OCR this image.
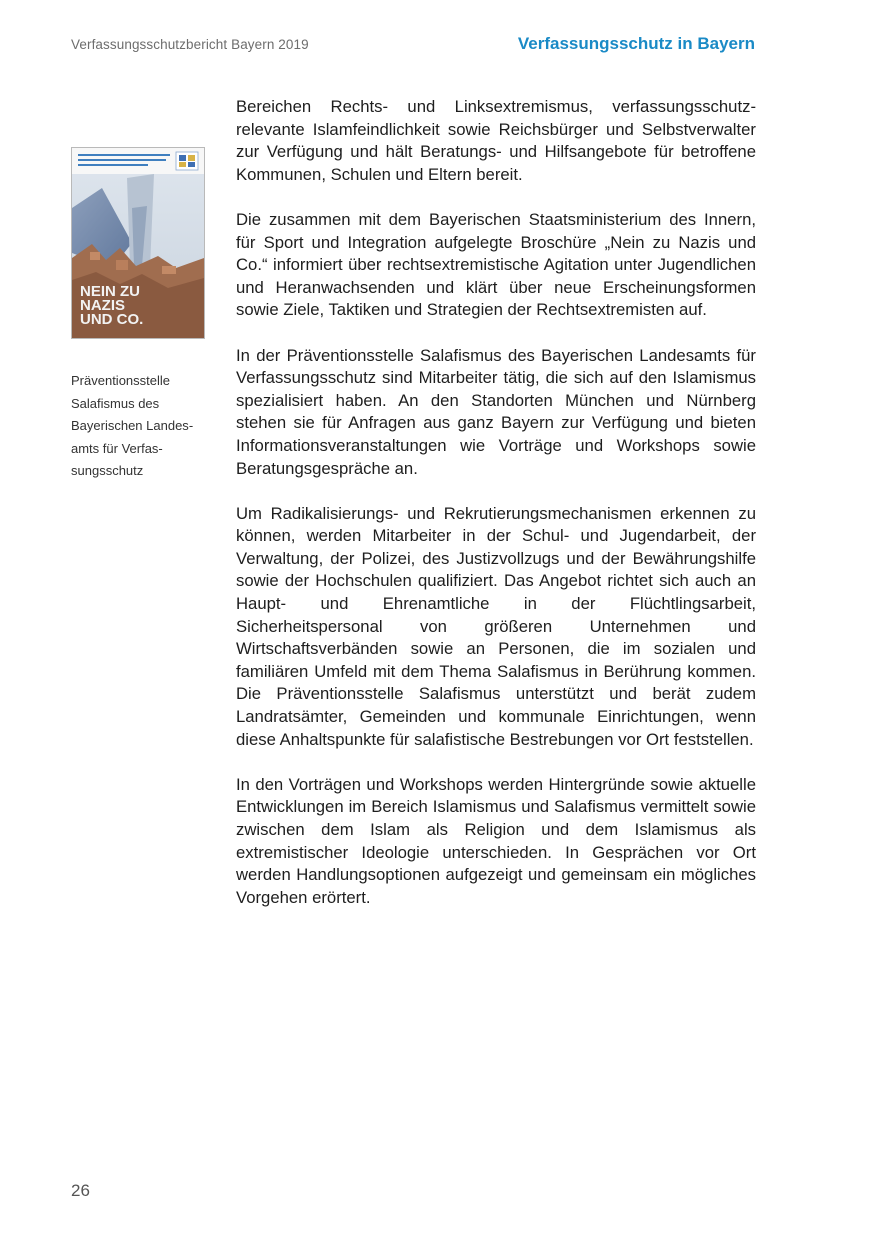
Verfassungsschutzbericht Bayern 2019	Verfassungsschutz in Bayern
NEIN ZU
NAZIS
UND CO.
Präventionsstelle Salafismus des Bayerischen Landesamts für Verfassungsschutz

Bereichen Rechts- und Linksextremismus, verfassungsschutzrelevante Islamfeindlichkeit sowie Reichsbürger und Selbstverwalter zur Verfügung und hält Beratungs- und Hilfsangebote für betroffene Kommunen, Schulen und Eltern bereit.

Die zusammen mit dem Bayerischen Staatsministerium des Innern, für Sport und Integration aufgelegte Broschüre „Nein zu Nazis und Co.“ informiert über rechtsextremistische Agitation unter Jugendlichen und Heranwachsenden und klärt über neue Erscheinungsformen sowie Ziele, Taktiken und Strategien der Rechtsextremisten auf.

In der Präventionsstelle Salafismus des Bayerischen Landesamts für Verfassungsschutz sind Mitarbeiter tätig, die sich auf den Islamismus spezialisiert haben. An den Standorten München und Nürnberg stehen sie für Anfragen aus ganz Bayern zur Verfügung und bieten Informationsveranstaltungen wie Vorträge und Workshops sowie Beratungsgespräche an.

Um Radikalisierungs- und Rekrutierungsmechanismen erkennen zu können, werden Mitarbeiter in der Schul- und Jugendarbeit, der Verwaltung, der Polizei, des Justizvollzugs und der Bewährungshilfe sowie der Hochschulen qualifiziert. Das Angebot richtet sich auch an Haupt- und Ehrenamtliche in der Flüchtlingsarbeit, Sicherheitspersonal von größeren Unternehmen und Wirtschaftsverbänden sowie an Personen, die im sozialen und familiären Umfeld mit dem Thema Salafismus in Berührung kommen. Die Präventionsstelle Salafismus unterstützt und berät zudem Landratsämter, Gemeinden und kommunale Einrichtungen, wenn diese Anhaltspunkte für salafistische Bestrebungen vor Ort feststellen.

In den Vorträgen und Workshops werden Hintergründe sowie aktuelle Entwicklungen im Bereich Islamismus und Salafismus vermittelt sowie zwischen dem Islam als Religion und dem Islamismus als extremistischer Ideologie unterschieden. In Gesprächen vor Ort werden Handlungsoptionen aufgezeigt und gemeinsam ein mögliches Vorgehen erörtert.

26
